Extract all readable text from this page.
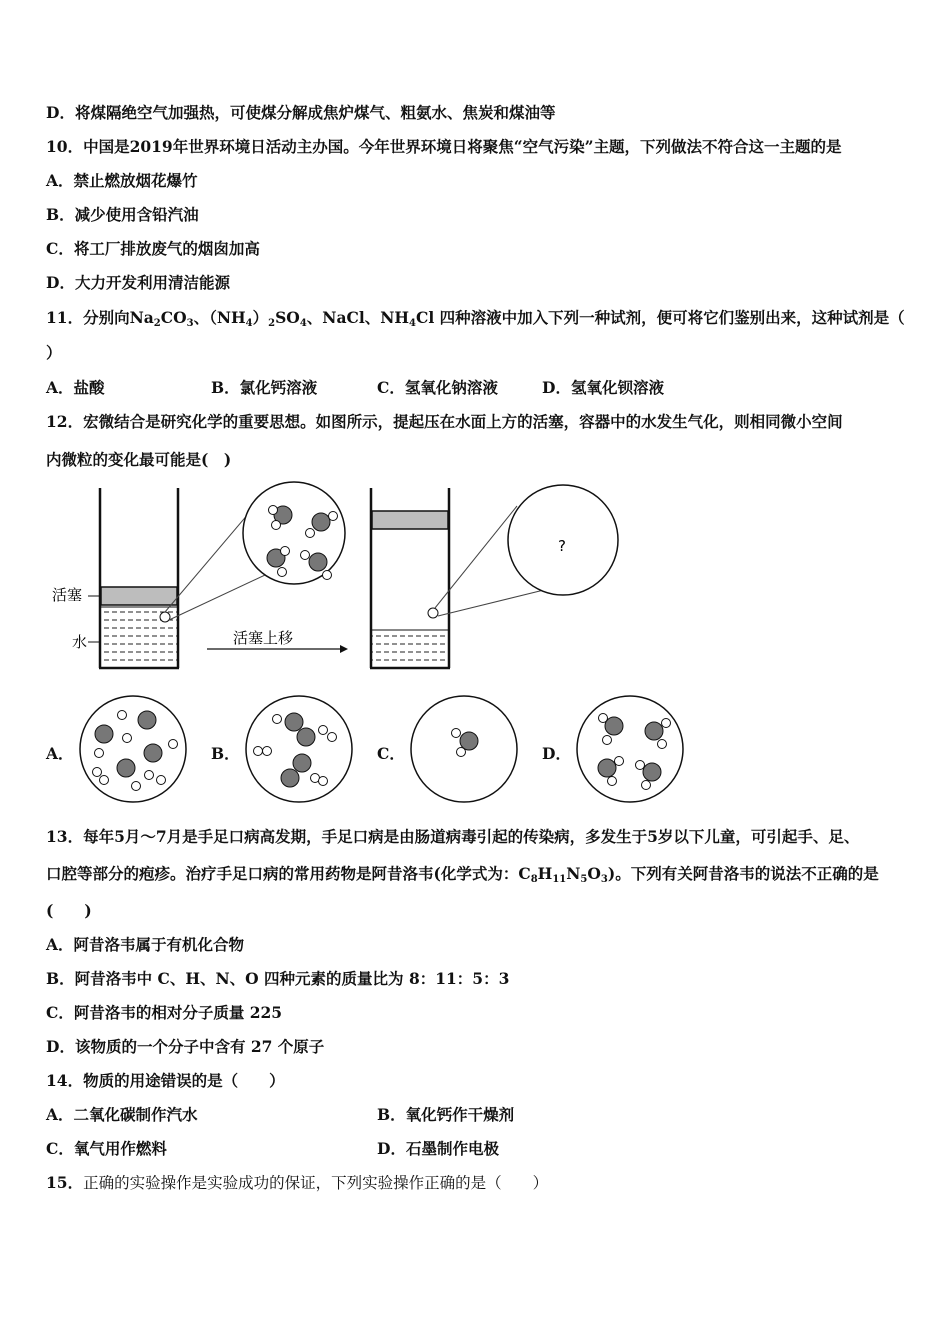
D．将煤隔绝空气加强热，可使煤分解成焦炉煤气、粗氨水、焦炭和煤油等
10．中国是2019年世界环境日活动主办国。今年世界环境日将聚焦“空气污染”主题，下列做法不符合这一主题的是
A．禁止燃放烟花爆竹
B．减少使用含铅汽油
C．将工厂排放废气的烟囱加高
D．大力开发利用清洁能源
11．分别向$Na_2CO_3$、$(NH_4)_2SO_4$、NaCl、$NH_4Cl$ 四种溶液中加入下列一种试剂，便可将它们鉴别出来，这种试剂是（
）
A．盐酸	B．氯化钙溶液	C．氢氧化钠溶液	D．氢氧化钡溶液
12．宏微结合是研究化学的重要思想。如图所示，提起压在水面上方的活塞，容器中的水发生气化，则相同微小空间
内微粒的变化最可能是(　)
活塞
水	活塞上移
?
A．	B．	C．	D．
13．每年5月～7月是手足口病高发期，手足口病是由肠道病毒引起的传染病，多发生于5岁以下儿童，可引起手、足、
口腔等部分的疱疹。治疗手足口病的常用药物是阿昔洛韦(化学式为：$C_8H_{11}N_5O_3$)。下列有关阿昔洛韦的说法不正确的是
(　　)
A．阿昔洛韦属于有机化合物
B．阿昔洛韦中 C、H、N、O 四种元素的质量比为 8：11：5：3
C．阿昔洛韦的相对分子质量 225
D．该物质的一个分子中含有 27 个原子
14．物质的用途错误的是（　　）
A．二氧化碳制作汽水	B．氧化钙作干燥剂
C．氧气用作燃料	D．石墨制作电极
15．正确的实验操作是实验成功的保证，下列实验操作正确的是（　　）
